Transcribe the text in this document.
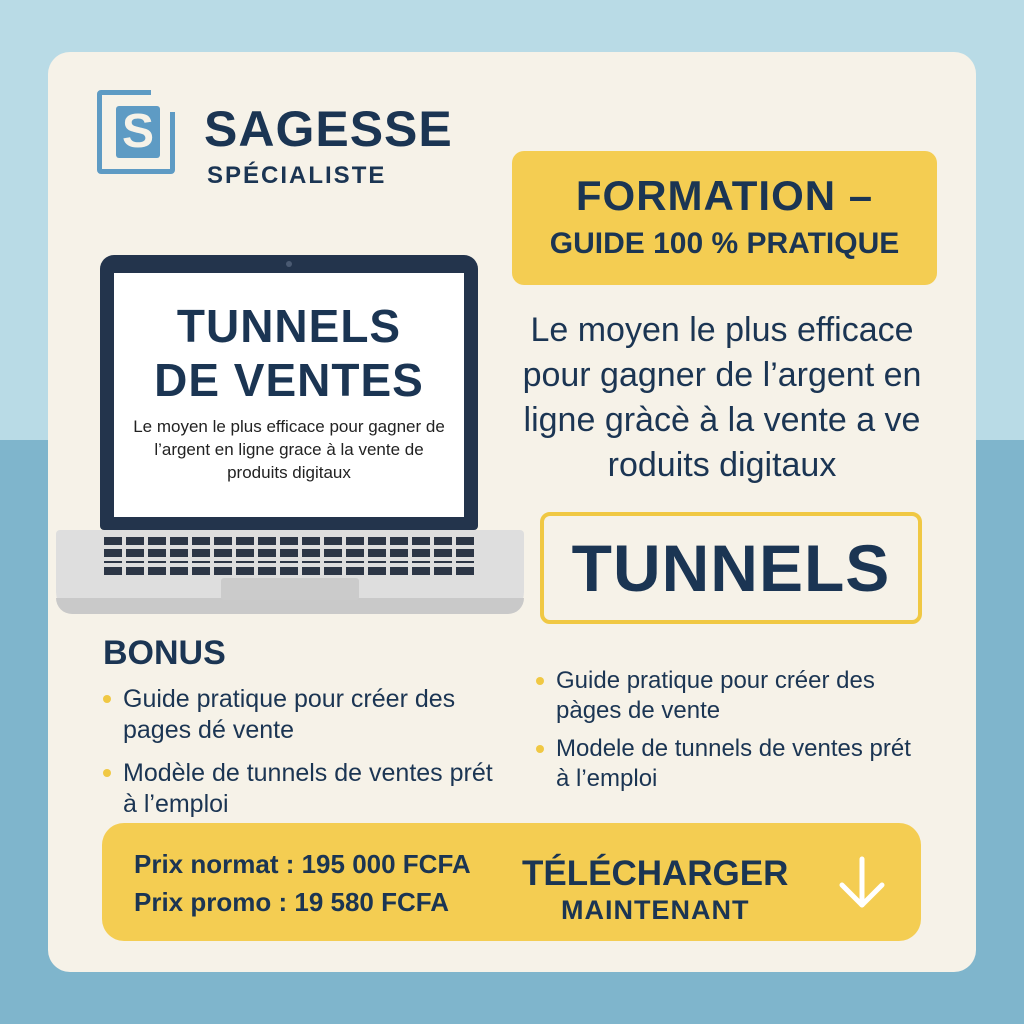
S SAGESSE
SPÉCIALISTE	FORMATION –
GUIDE 100 % PRATIQUE
Le moyen le plus efficace pour gagner de l’argent en ligne gràcè à la vente a ve roduits digitaux
TUNNELS
TUNNELS
DE VENTES
Le moyen le plus efficace pour gagner de l’argent en ligne grace à la vente de produits digitaux
BONUS
Guide pratique pour créer des pages dé vente
Modèle de tunnels de ventes prét à l’emploi
Guide pratique pour créer des pàges de vente
Modele de tunnels de ventes prét à l’emploi
Prix normat : 195 000 FCFA
Prix promo : 19 580 FCFA
TÉLÉCHARGER
MAINTENANT
